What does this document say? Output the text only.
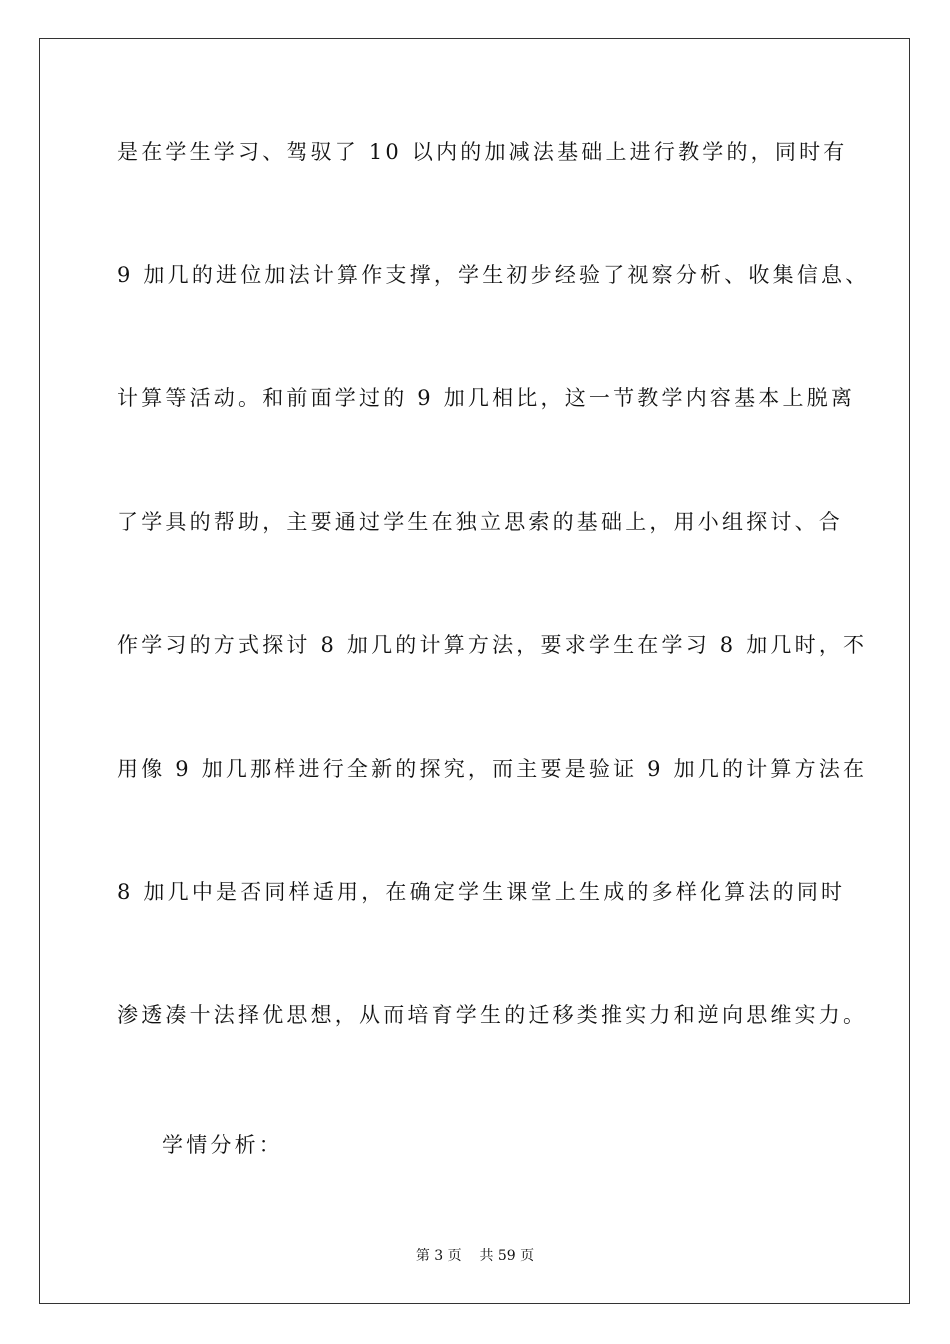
是在学生学习、驾驭了 10 以内的加减法基础上进行教学的，同时有
9 加几的进位加法计算作支撑，学生初步经验了视察分析、收集信息、
计算等活动。和前面学过的 9 加几相比，这一节教学内容基本上脱离
了学具的帮助，主要通过学生在独立思索的基础上，用小组探讨、合
作学习的方式探讨 8 加几的计算方法，要求学生在学习 8 加几时，不
用像 9 加几那样进行全新的探究，而主要是验证 9 加几的计算方法在
8 加几中是否同样适用，在确定学生课堂上生成的多样化算法的同时
渗透凑十法择优思想，从而培育学生的迁移类推实力和逆向思维实力。
学情分析：
第 3 页 共 59 页
